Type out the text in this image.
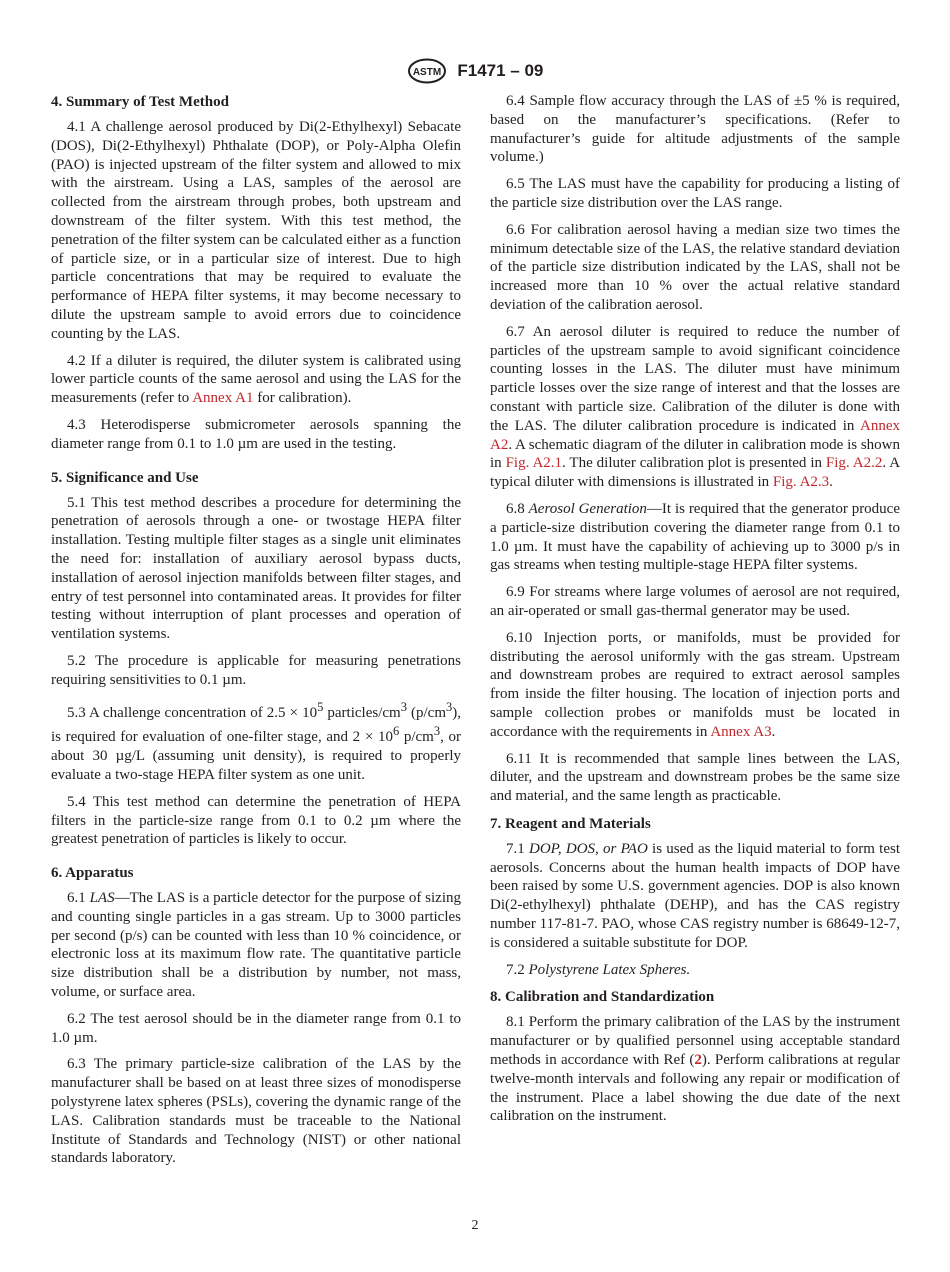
ASTM F1471 – 09
4. Summary of Test Method

4.1 A challenge aerosol produced by Di(2-Ethylhexyl) Sebacate (DOS), Di(2-Ethylhexyl) Phthalate (DOP), or Poly-Alpha Olefin (PAO) is injected upstream of the filter system and allowed to mix with the airstream. Using a LAS, samples of the aerosol are collected from the airstream through probes, both upstream and downstream of the filter system. With this test method, the penetration of the filter system can be calculated either as a function of particle size, or in a particular size of interest. Due to high particle concentrations that may be required to evaluate the performance of HEPA filter systems, it may become necessary to dilute the upstream sample to avoid errors due to coincidence counting by the LAS.

4.2 If a diluter is required, the diluter system is calibrated using lower particle counts of the same aerosol and using the LAS for the measurements (refer to Annex A1 for calibration).

4.3 Heterodisperse submicrometer aerosols spanning the diameter range from 0.1 to 1.0 µm are used in the testing.

5. Significance and Use

5.1 This test method describes a procedure for determining the penetration of aerosols through a one- or twostage HEPA filter installation. Testing multiple filter stages as a single unit eliminates the need for: installation of auxiliary aerosol bypass ducts, installation of aerosol injection manifolds between filter stages, and entry of test personnel into contaminated areas. It provides for filter testing without interruption of plant processes and operation of ventilation systems.

5.2 The procedure is applicable for measuring penetrations requiring sensitivities to 0.1 µm.

5.3 A challenge concentration of $2.5 \times 10^5$ particles/$cm^3$ $(p/cm^3)$, is required for evaluation of one-filter stage, and $2 \times 10^6$ $p/cm^3$, or about 30 µg/L (assuming unit density), is required to properly evaluate a two-stage HEPA filter system as one unit.

5.4 This test method can determine the penetration of HEPA filters in the particle-size range from 0.1 to 0.2 µm where the greatest penetration of particles is likely to occur.

6. Apparatus

6.1 LAS—The LAS is a particle detector for the purpose of sizing and counting single particles in a gas stream. Up to 3000 particles per second (p/s) can be counted with less than 10 % coincidence, or electronic loss at its maximum flow rate. The quantitative particle size distribution shall be a distribution by number, not mass, volume, or surface area.

6.2 The test aerosol should be in the diameter range from 0.1 to 1.0 µm.

6.3 The primary particle-size calibration of the LAS by the manufacturer shall be based on at least three sizes of monodisperse polystyrene latex spheres (PSLs), covering the dynamic range of the LAS. Calibration standards must be traceable to the National Institute of Standards and Technology (NIST) or other national standards laboratory.

6.4 Sample flow accuracy through the LAS of ±5 % is required, based on the manufacturer’s specifications. (Refer to manufacturer’s guide for altitude adjustments of the sample volume.)

6.5 The LAS must have the capability for producing a listing of the particle size distribution over the LAS range.

6.6 For calibration aerosol having a median size two times the minimum detectable size of the LAS, the relative standard deviation of the particle size distribution indicated by the LAS, shall not be increased more than 10 % over the actual relative standard deviation of the calibration aerosol.

6.7 An aerosol diluter is required to reduce the number of particles of the upstream sample to avoid significant coincidence counting losses in the LAS. The diluter must have minimum particle losses over the size range of interest and that the losses are constant with particle size. Calibration of the diluter is done with the LAS. The diluter calibration procedure is indicated in Annex A2. A schematic diagram of the diluter in calibration mode is shown in Fig. A2.1. The diluter calibration plot is presented in Fig. A2.2. A typical diluter with dimensions is illustrated in Fig. A2.3.

6.8 Aerosol Generation—It is required that the generator produce a particle-size distribution covering the diameter range from 0.1 to 1.0 µm. It must have the capability of achieving up to 3000 p/s in gas streams when testing multiple-stage HEPA filter systems.

6.9 For streams where large volumes of aerosol are not required, an air-operated or small gas-thermal generator may be used.

6.10 Injection ports, or manifolds, must be provided for distributing the aerosol uniformly with the gas stream. Upstream and downstream probes are required to extract aerosol samples from inside the filter housing. The location of injection ports and sample collection probes or manifolds must be located in accordance with the requirements in Annex A3.

6.11 It is recommended that sample lines between the LAS, diluter, and the upstream and downstream probes be the same size and material, and the same length as practicable.

7. Reagent and Materials

7.1 DOP, DOS, or PAO is used as the liquid material to form test aerosols. Concerns about the human health impacts of DOP have been raised by some U.S. government agencies. DOP is also known Di(2-ethylhexyl) phthalate (DEHP), and has the CAS registry number 117-81-7. PAO, whose CAS registry number is 68649-12-7, is considered a suitable substitute for DOP.

7.2 Polystyrene Latex Spheres.

8. Calibration and Standardization

8.1 Perform the primary calibration of the LAS by the instrument manufacturer or by qualified personnel using acceptable standard methods in accordance with Ref (2). Perform calibrations at regular twelve-month intervals and following any repair or modification of the instrument. Place a label showing the due date of the next calibration on the instrument.

2
